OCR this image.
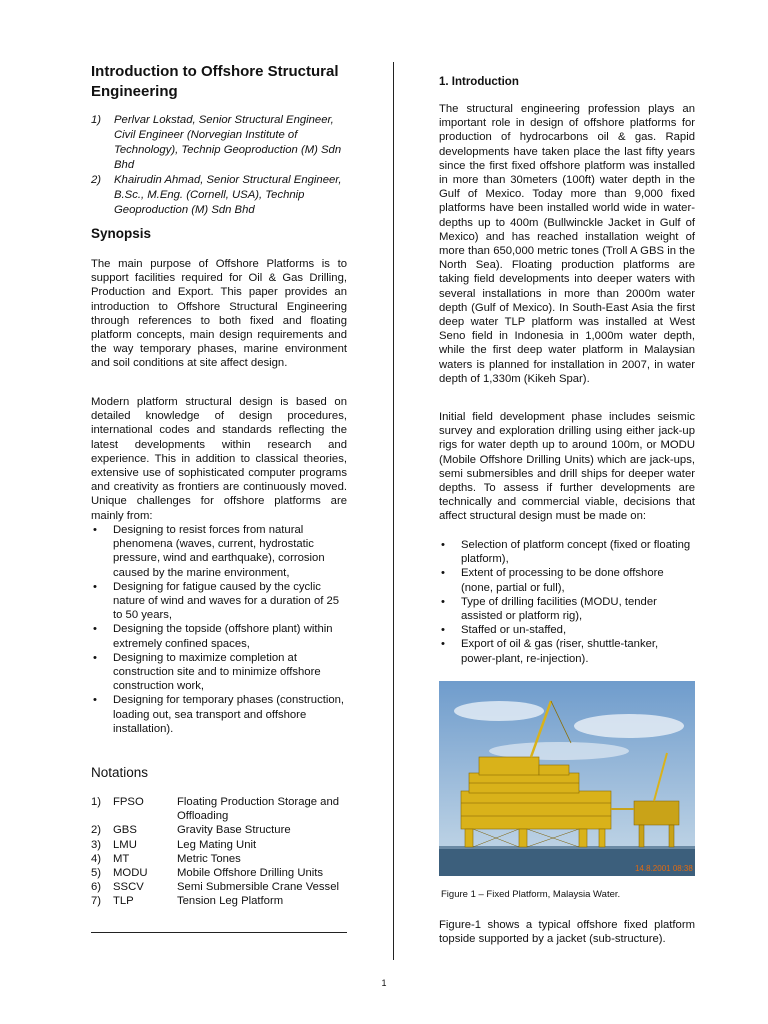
Introduction to Offshore Structural Engineering
1) Perlvar Lokstad, Senior Structural Engineer, Civil Engineer (Norvegian Institute of Technology), Technip Geoproduction (M) Sdn Bhd
2) Khairudin Ahmad, Senior Structural Engineer, B.Sc., M.Eng. (Cornell, USA), Technip Geoproduction (M) Sdn Bhd
Synopsis

The main purpose of Offshore Platforms is to support facilities required for Oil & Gas Drilling, Production and Export. This paper provides an introduction to Offshore Structural Engineering through references to both fixed and floating platform concepts, main design requirements and the way temporary phases, marine environment and soil conditions at site affect design.

Modern platform structural design is based on detailed knowledge of design procedures, international codes and standards reflecting the latest developments within research and experience. This in addition to classical theories, extensive use of sophisticated computer programs and creativity as frontiers are continuously moved. Unique challenges for offshore platforms are mainly from:

• Designing to resist forces from natural phenomena (waves, current, hydrostatic pressure, wind and earthquake), corrosion caused by the marine environment,
• Designing for fatigue caused by the cyclic nature of wind and waves for a duration of 25 to 50 years,
• Designing the topside (offshore plant) within extremely confined spaces,
• Designing to maximize completion at construction site and to minimize offshore construction work,
• Designing for temporary phases (construction, loading out, sea transport and offshore installation).
Notations
1)	FPSO	Floating Production Storage and Offloading
2)	GBS	Gravity Base Structure
3)	LMU	Leg Mating Unit
4)	MT	Metric Tones
5)	MODU	Mobile Offshore Drilling Units
6)	SSCV	Semi Submersible Crane Vessel
7)	TLP	Tension Leg Platform
1. Introduction

The structural engineering profession plays an important role in design of offshore platforms for production of hydrocarbons oil & gas. Rapid developments have taken place the last fifty years since the first fixed offshore platform was installed in more than 30meters (100ft) water depth in the Gulf of Mexico. Today more than 9,000 fixed platforms have been installed world wide in water-depths up to 400m (Bullwinckle Jacket in Gulf of Mexico) and has reached installation weight of more than 650,000 metric tones (Troll A GBS in the North Sea). Floating production platforms are taking field developments into deeper waters with several installations in more than 2000m water depth (Gulf of Mexico). In South-East Asia the first deep water TLP platform was installed at West Seno field in Indonesia in 1,000m water depth, while the first deep water platform in Malaysian waters is planned for installation in 2007, in water depth of 1,330m (Kikeh Spar).

Initial field development phase includes seismic survey and exploration drilling using either jack-up rigs for water depth up to around 100m, or MODU (Mobile Offshore Drilling Units) which are jack-ups, semi submersibles and drill ships for deeper water depths. To assess if further developments are technically and commercial viable, decisions that affect structural design must be made on:

• Selection of platform concept (fixed or floating platform),
• Extent of processing to be done offshore (none, partial or full),
• Type of drilling facilities (MODU, tender assisted or platform rig),
• Staffed or un-staffed,
• Export of oil & gas (riser, shuttle-tanker, power-plant, re-injection).
14.8.2001 08:38
Figure 1 – Fixed Platform, Malaysia Water.

Figure-1 shows a typical offshore fixed platform topside supported by a jacket (sub-structure).

1
